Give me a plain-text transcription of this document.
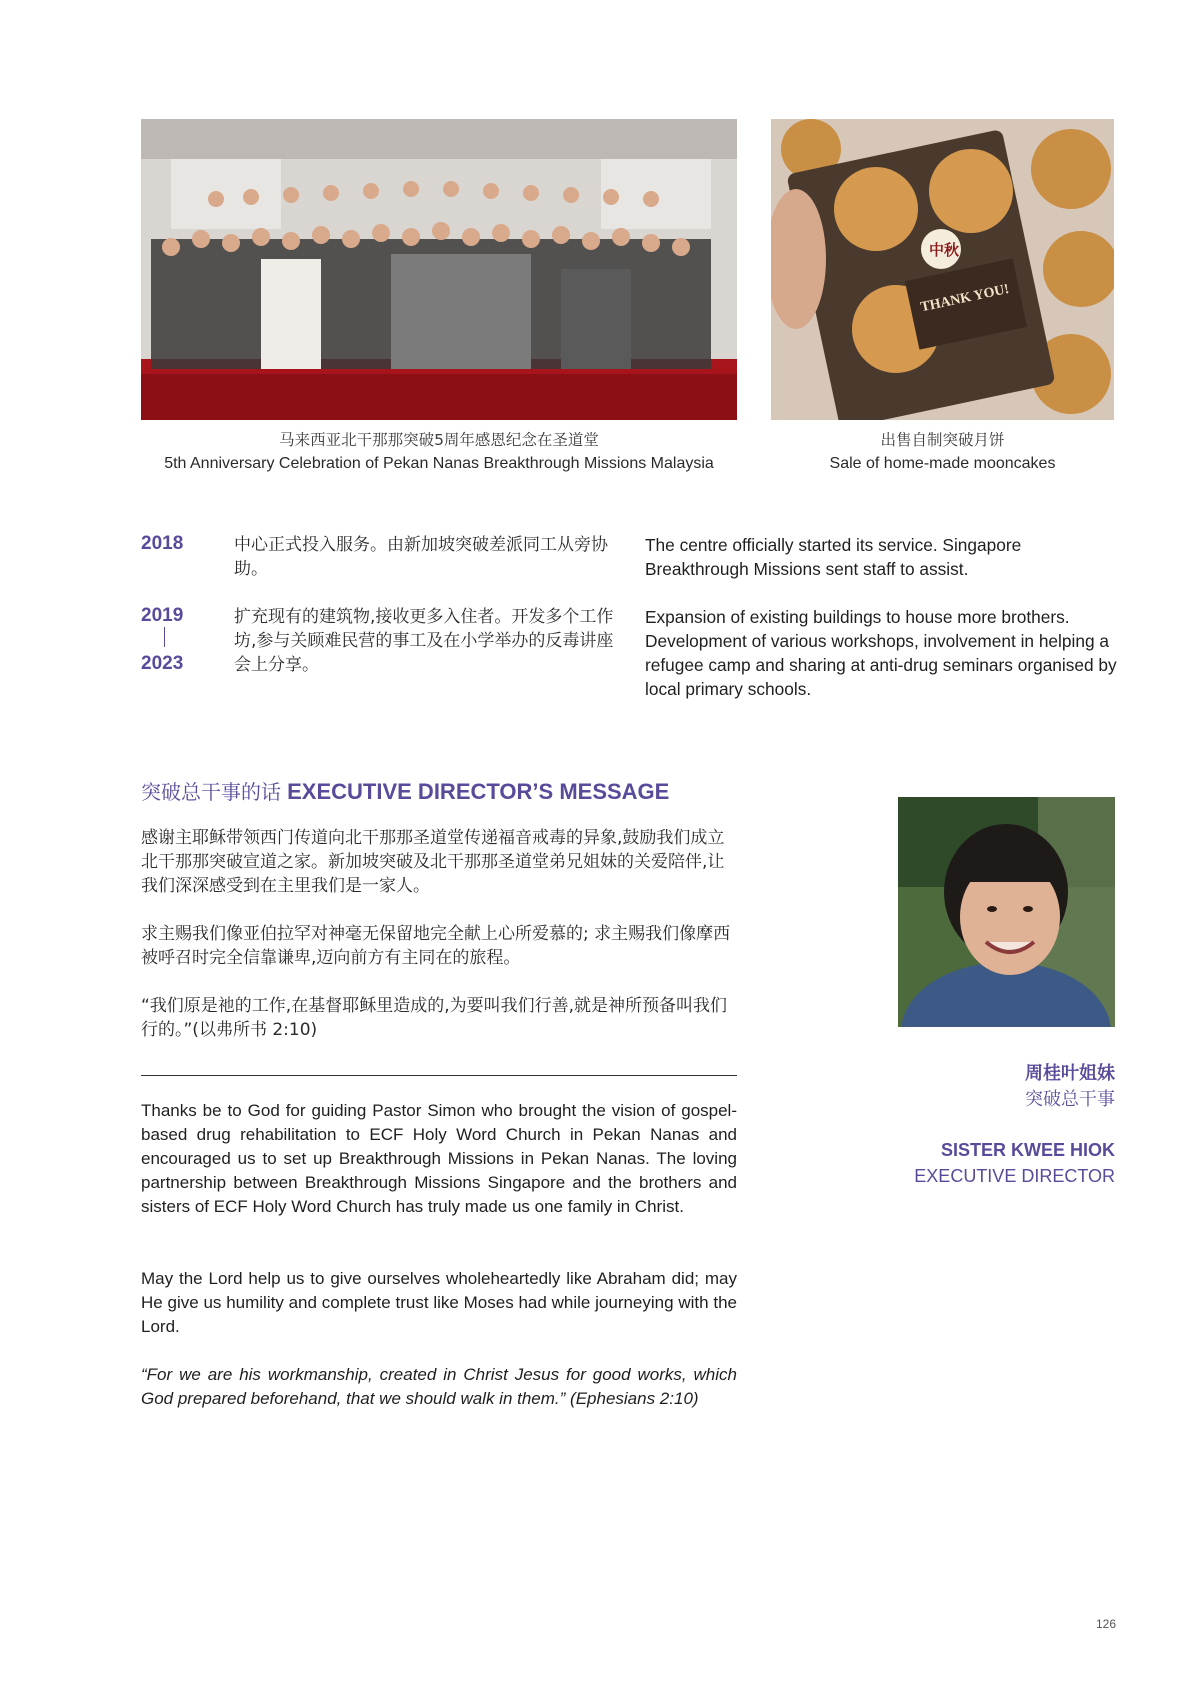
THANK YOU!
中秋
马来西亚北干那那突破5周年感恩纪念在圣道堂
5th Anniversary Celebration of Pekan Nanas Breakthrough Missions Malaysia
出售自制突破月饼
Sale of home-made mooncakes
2018	中心正式投入服务。由新加坡突破差派同工从旁协助。
The centre officially started its service. Singapore Breakthrough Missions sent staff to assist.
2019
2023
扩充现有的建筑物,接收更多入住者。开发多个工作坊,参与关顾难民营的事工及在小学举办的反毒讲座会上分享。
Expansion of existing buildings to house more brothers. Development of various workshops, involvement in helping a refugee camp and sharing at anti-drug seminars organised by local primary schools.
突破总干事的话 EXECUTIVE DIRECTOR’S MESSAGE
感谢主耶稣带领西门传道向北干那那圣道堂传递福音戒毒的异象,鼓励我们成立北干那那突破宣道之家。新加坡突破及北干那那圣道堂弟兄姐妹的关爱陪伴,让我们深深感受到在主里我们是一家人。
求主赐我们像亚伯拉罕对神毫无保留地完全献上心所爱慕的; 求主赐我们像摩西被呼召时完全信靠谦卑,迈向前方有主同在的旅程。
“我们原是祂的工作,在基督耶稣里造成的,为要叫我们行善,就是神所预备叫我们行的。”(以弗所书 2:10)
Thanks be to God for guiding Pastor Simon who brought the vision of gospel-based drug rehabilitation to ECF Holy Word Church in Pekan Nanas and encouraged us to set up Breakthrough Missions in Pekan Nanas. The loving partnership between Breakthrough Missions Singapore and the brothers and sisters of ECF Holy Word Church has truly made us one family in Christ.
May the Lord help us to give ourselves wholeheartedly like Abraham did; may He give us humility and complete trust like Moses had while journeying with the Lord.
“For we are his workmanship, created in Christ Jesus for good works, which God prepared beforehand, that we should walk in them.” (Ephesians 2:10)
周桂叶姐妹
突破总干事
SISTER KWEE HIOK
EXECUTIVE DIRECTOR
126
